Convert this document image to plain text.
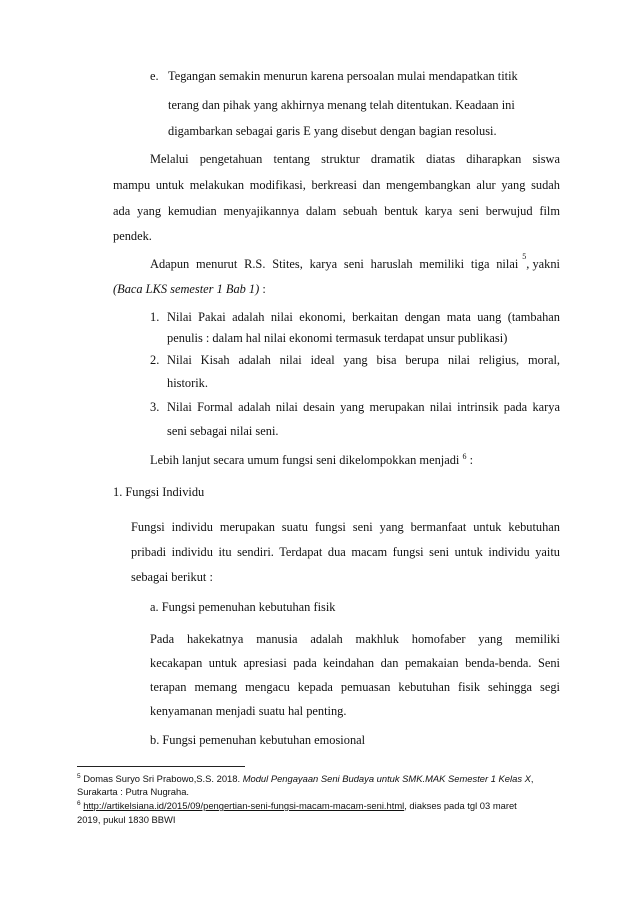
e. Tegangan semakin menurun karena persoalan mulai mendapatkan titik
terang dan pihak yang akhirnya menang telah ditentukan. Keadaan ini
digambarkan sebagai garis E yang disebut dengan bagian resolusi.
Melalui pengetahuan tentang struktur dramatik diatas diharapkan siswa
mampu untuk melakukan modifikasi, berkreasi dan mengembangkan alur yang sudah
ada yang kemudian menyajikannya dalam sebuah bentuk karya seni berwujud film
pendek.
Adapun menurut R.S. Stites, karya seni haruslah memiliki tiga nilai
5
, yakni
(Baca LKS semester 1 Bab 1) :
1. Nilai Pakai adalah nilai ekonomi, berkaitan dengan mata uang (tambahan
penulis : dalam hal nilai ekonomi termasuk terdapat unsur publikasi)
2. Nilai Kisah adalah nilai ideal yang bisa berupa nilai religius, moral,
historik.
3. Nilai Formal adalah nilai desain yang merupakan nilai intrinsik pada karya
seni sebagai nilai seni.
Lebih lanjut secara umum fungsi seni dikelompokkan menjadi $^6$ :
1. Fungsi Individu
Fungsi individu merupakan suatu fungsi seni yang bermanfaat untuk kebutuhan
pribadi individu itu sendiri. Terdapat dua macam fungsi seni untuk individu yaitu
sebagai berikut :
a. Fungsi pemenuhan kebutuhan fisik
Pada hakekatnya manusia adalah makhluk homofaber yang memiliki
kecakapan untuk apresiasi pada keindahan dan pemakaian benda-benda. Seni
terapan memang mengacu kepada pemuasan kebutuhan fisik sehingga segi
kenyamanan menjadi suatu hal penting.
b. Fungsi pemenuhan kebutuhan emosional
$^5$ Domas Suryo Sri Prabowo,S.S. 2018. Modul Pengayaan Seni Budaya untuk SMK.MAK Semester 1 Kelas X,
Surakarta : Putra Nugraha.
$^6$ http://artikelsiana.id/2015/09/pengertian-seni-fungsi-macam-macam-seni.html, diakses pada tgl 03 maret
2019, pukul 1830 BBWI
